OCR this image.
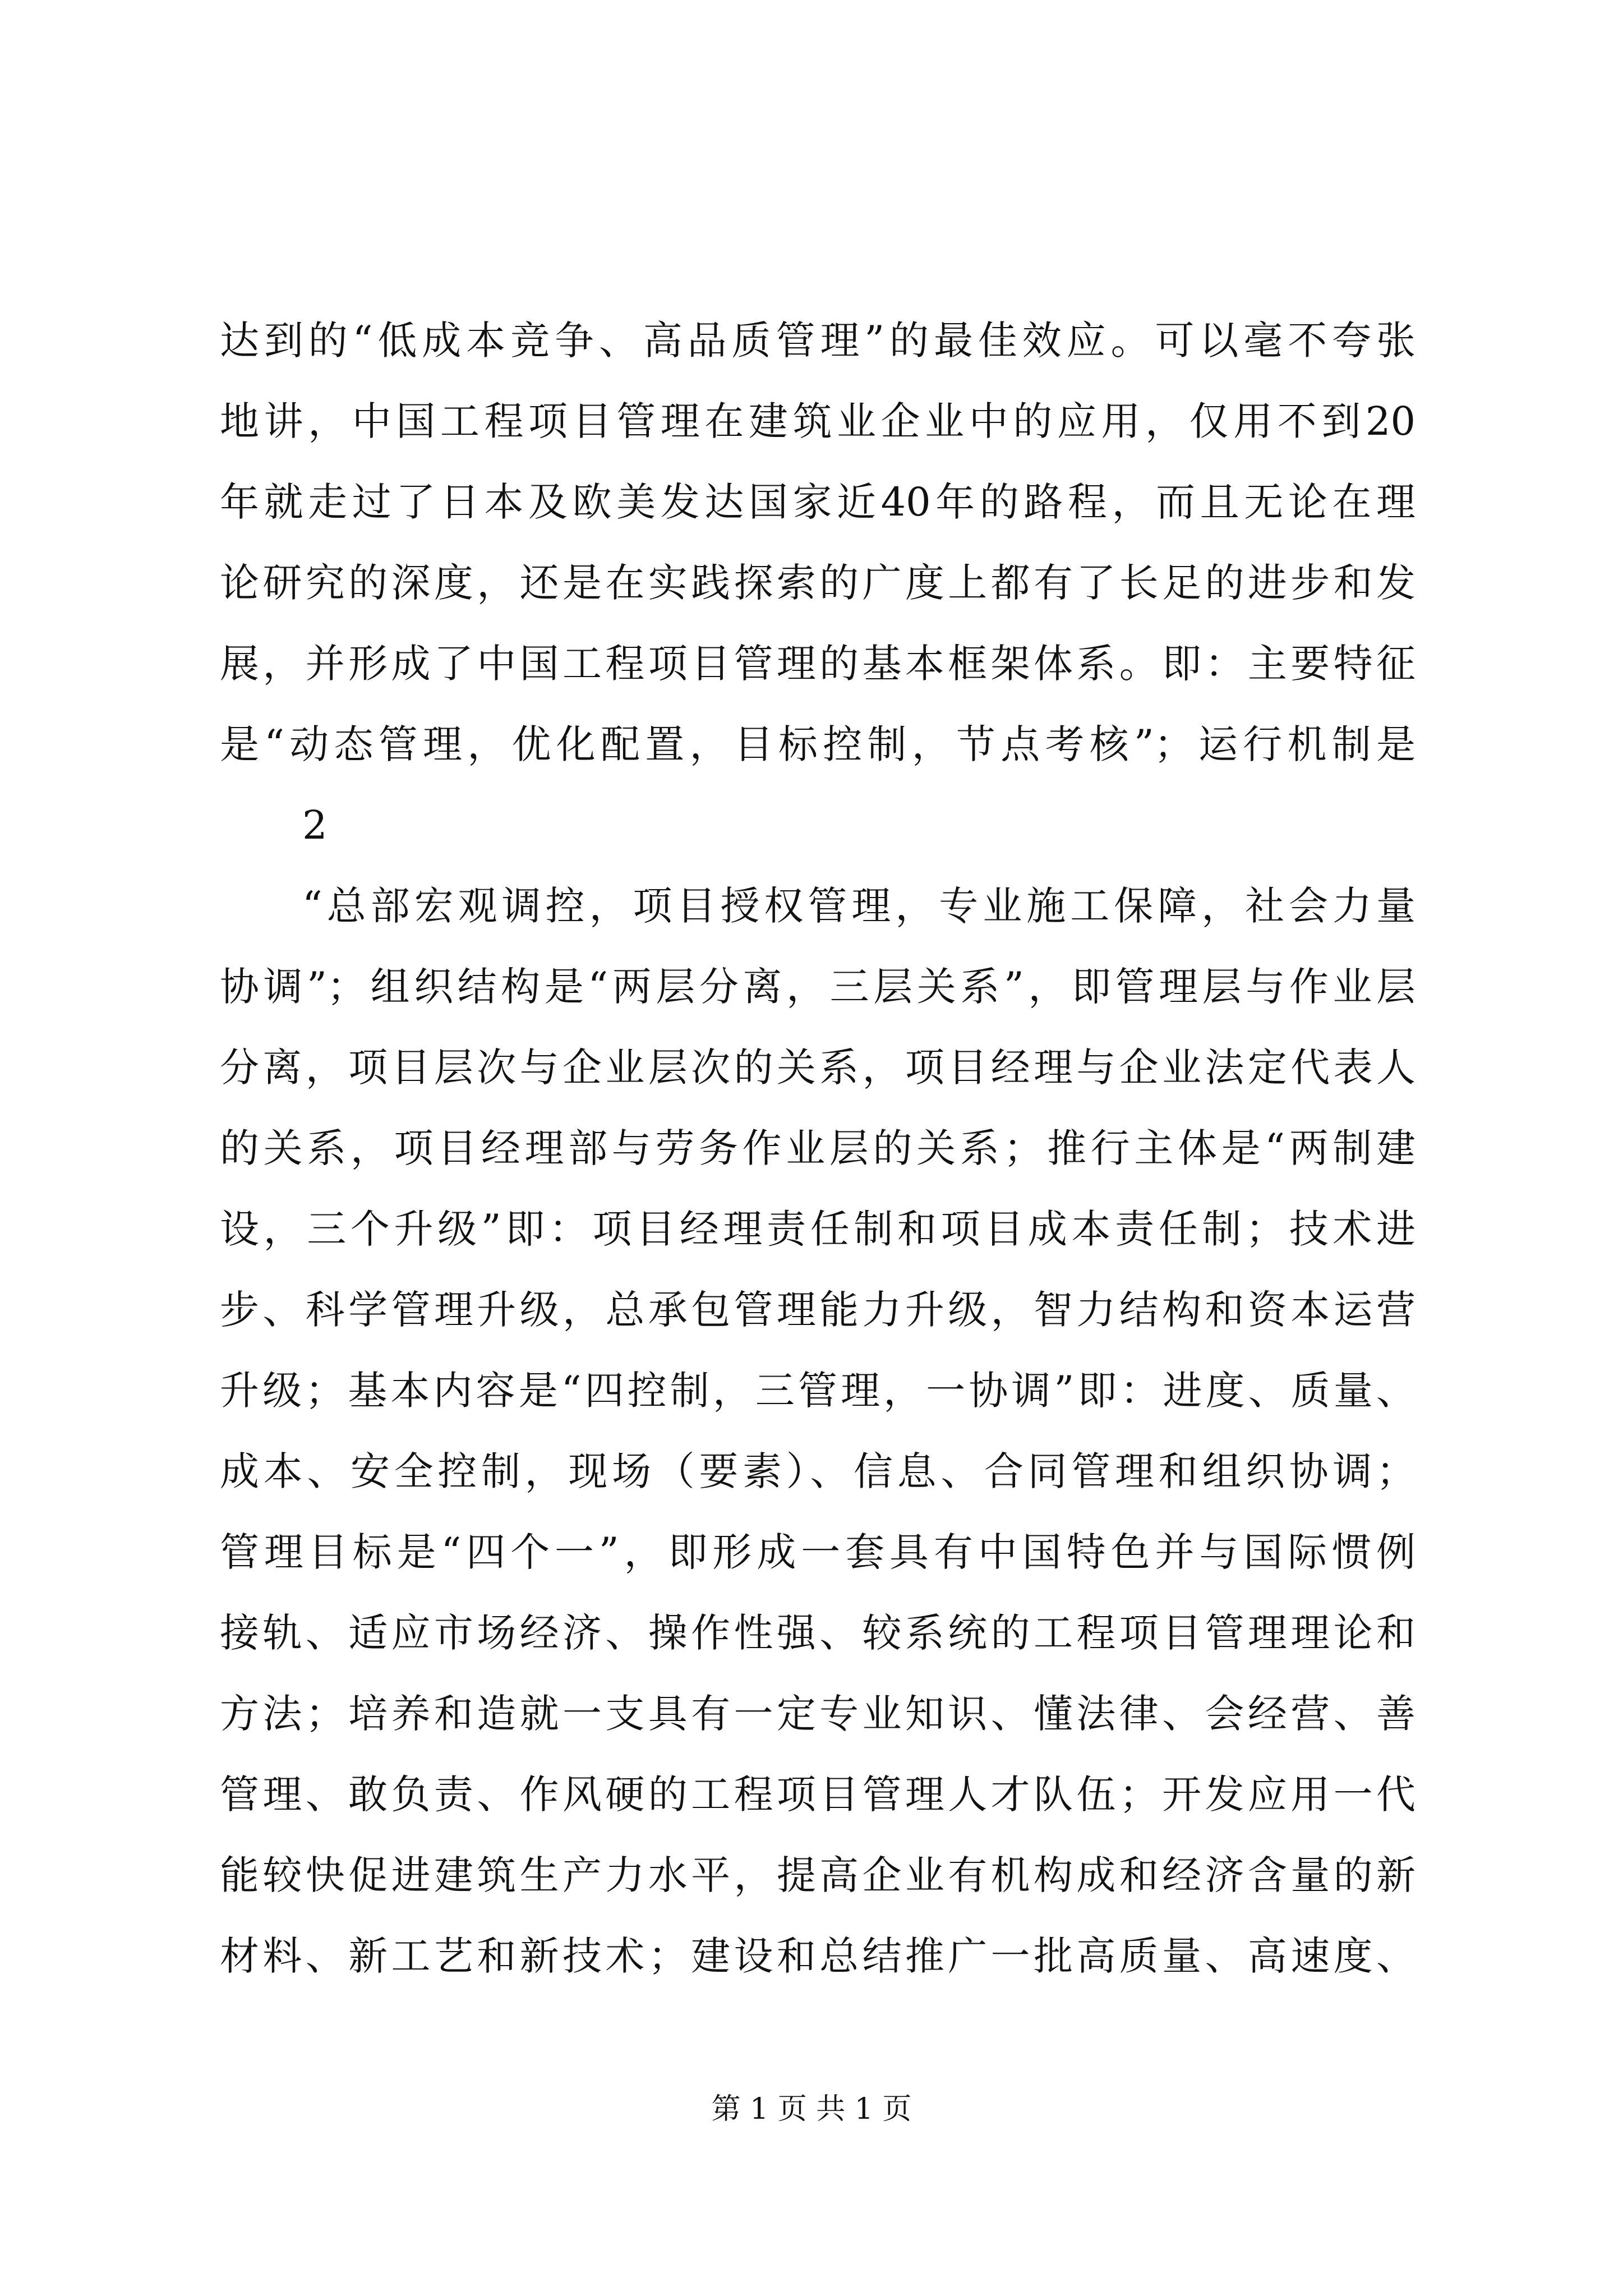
达到的“低成本竞争、高品质管理”的最佳效应。可以毫不夸张
地讲，中国工程项目管理在建筑业企业中的应用，仅用不到20
年就走过了日本及欧美发达国家近40年的路程，而且无论在理
论研究的深度，还是在实践探索的广度上都有了长足的进步和发
展，并形成了中国工程项目管理的基本框架体系。即：主要特征
是“动态管理，优化配置，目标控制，节点考核”；运行机制是
2
“总部宏观调控，项目授权管理，专业施工保障，社会力量
协调”；组织结构是“两层分离，三层关系”，即管理层与作业层
分离，项目层次与企业层次的关系，项目经理与企业法定代表人
的关系，项目经理部与劳务作业层的关系；推行主体是“两制建
设，三个升级”即：项目经理责任制和项目成本责任制；技术进
步、科学管理升级，总承包管理能力升级，智力结构和资本运营
升级；基本内容是“四控制，三管理，一协调”即：进度、质量、
成本、安全控制，现场（要素）、信息、合同管理和组织协调；
管理目标是“四个一”，即形成一套具有中国特色并与国际惯例
接轨、适应市场经济、操作性强、较系统的工程项目管理理论和
方法；培养和造就一支具有一定专业知识、懂法律、会经营、善
管理、敢负责、作风硬的工程项目管理人才队伍；开发应用一代
能较快促进建筑生产力水平，提高企业有机构成和经济含量的新
材料、新工艺和新技术；建设和总结推广一批高质量、高速度、
第 1 页 共 1 页
